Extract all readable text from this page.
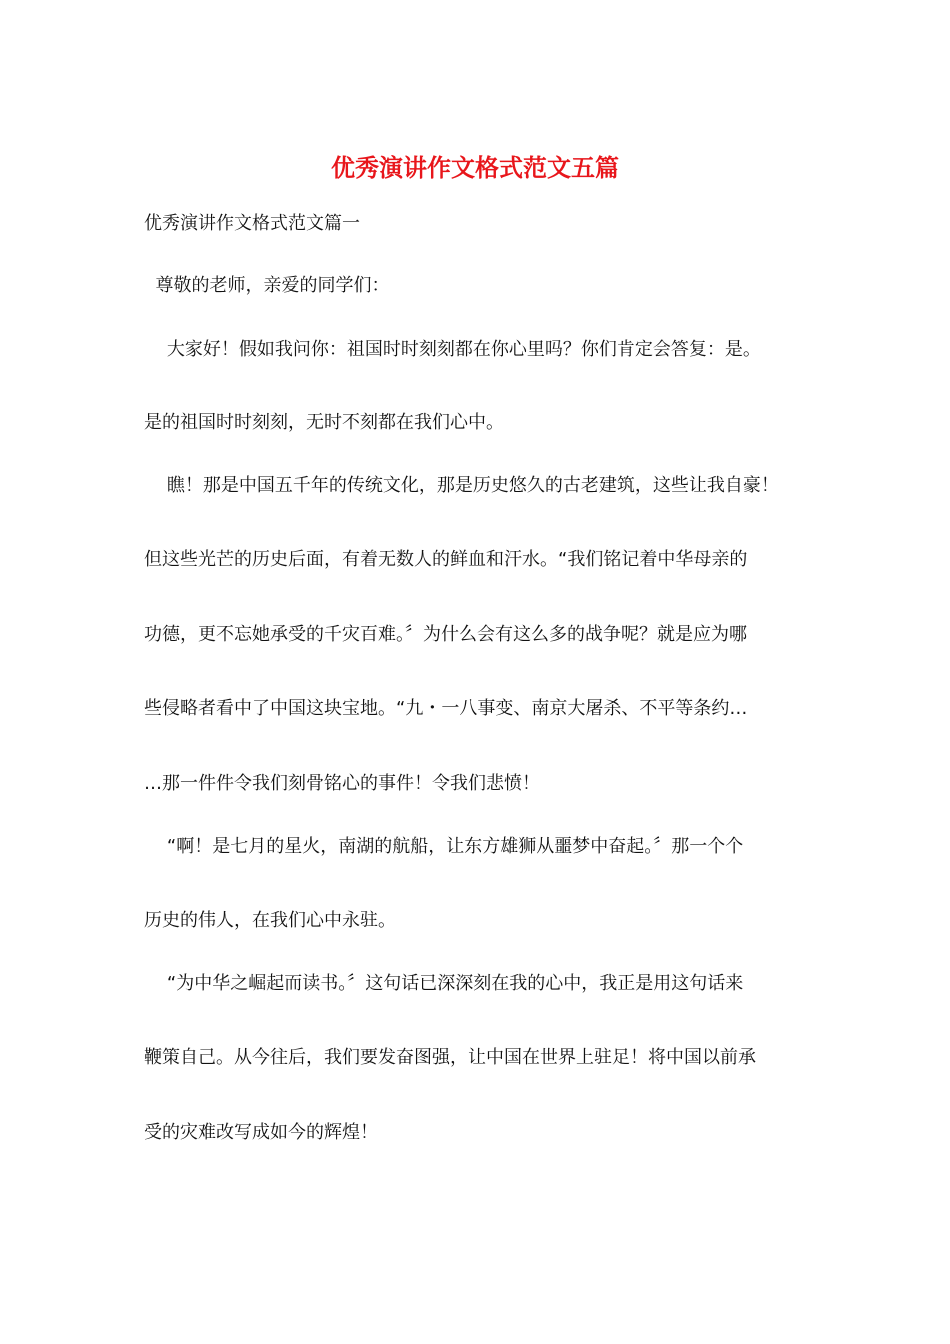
优秀演讲作文格式范文五篇
优秀演讲作文格式范文篇一
尊敬的老师，亲爱的同学们：
大家好！假如我问你：祖国时时刻刻都在你心里吗？你们肯定会答复：是。
是的祖国时时刻刻，无时不刻都在我们心中。
瞧！那是中国五千年的传统文化，那是历史悠久的古老建筑，这些让我自豪！
但这些光芒的历史后面，有着无数人的鲜血和汗水。“我们铭记着中华母亲的
功德，更不忘她承受的千灾百难。〞为什么会有这么多的战争呢？就是应为哪
些侵略者看中了中国这块宝地。“九・一八事变、南京大屠杀、不平等条约…
…那一件件令我们刻骨铭心的事件！令我们悲愤！
“啊！是七月的星火，南湖的航船，让东方雄狮从噩梦中奋起。〞那一个个
历史的伟人，在我们心中永驻。
“为中华之崛起而读书。〞这句话已深深刻在我的心中，我正是用这句话来
鞭策自己。从今往后，我们要发奋图强，让中国在世界上驻足！将中国以前承
受的灾难改写成如今的辉煌！
